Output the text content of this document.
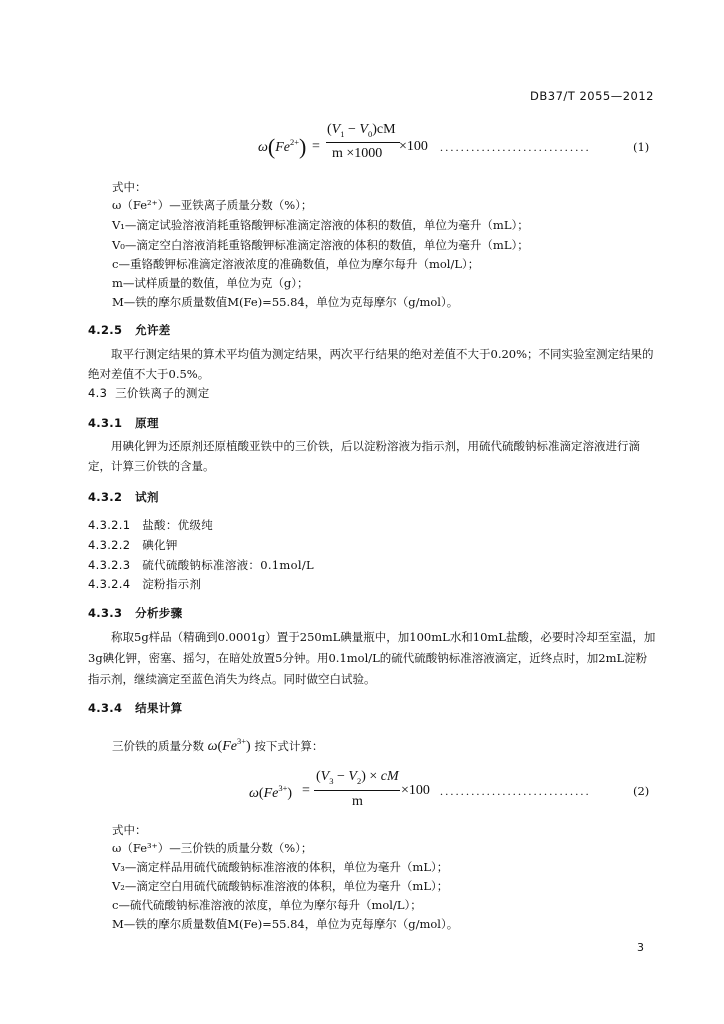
DB37/T 2055—2012
$\omega(Fe^{2+})$ =
$(V_1 - V_0)cM$
m ×1000 ×100 .............................	(1)
式中：
ω（Fe²⁺）—亚铁离子质量分数（%）；
V₁—滴定试验溶液消耗重铬酸钾标准滴定溶液的体积的数值，单位为毫升（mL）；
V₀—滴定空白溶液消耗重铬酸钾标准滴定溶液的体积的数值，单位为毫升（mL）；
c—重铬酸钾标准滴定溶液浓度的准确数值，单位为摩尔每升（mol/L）；
m—试样质量的数值，单位为克（g）；
M—铁的摩尔质量数值M(Fe)=55.84，单位为克每摩尔（g/mol）。
4.2.5 允许差
取平行测定结果的算术平均值为测定结果，两次平行结果的绝对差值不大于0.20%；不同实验室测定结果的绝对差值不大于0.5%。
4.3 三价铁离子的测定
4.3.1 原理
用碘化钾为还原剂还原植酸亚铁中的三价铁，后以淀粉溶液为指示剂，用硫代硫酸钠标准滴定溶液进行滴定，计算三价铁的含量。
4.3.2 试剂
4.3.2.1 盐酸：优级纯
4.3.2.2 碘化钾
4.3.2.3 硫代硫酸钠标准溶液：0.1mol/L
4.3.2.4 淀粉指示剂
4.3.3 分析步骤
称取5g样品（精确到0.0001g）置于250mL碘量瓶中，加100mL水和10mL盐酸，必要时冷却至室温，加3g碘化钾，密塞、摇匀，在暗处放置5分钟。用0.1mol/L的硫代硫酸钠标准溶液滴定，近终点时，加2mL淀粉指示剂，继续滴定至蓝色消失为终点。同时做空白试验。
4.3.4 结果计算
三价铁的质量分数 $\omega(Fe^{3+})$ 按下式计算：
$\omega(Fe^{3+})$ =
$(V_3 - V_2)$ × cM
m
×100 .............................	(2)
式中：
ω（Fe³⁺）—三价铁的质量分数（%）；
V₃—滴定样品用硫代硫酸钠标准溶液的体积，单位为毫升（mL）；
V₂—滴定空白用硫代硫酸钠标准溶液的体积，单位为毫升（mL）；
c—硫代硫酸钠标准溶液的浓度，单位为摩尔每升（mol/L）；
M—铁的摩尔质量数值M(Fe)=55.84，单位为克每摩尔（g/mol）。
3
